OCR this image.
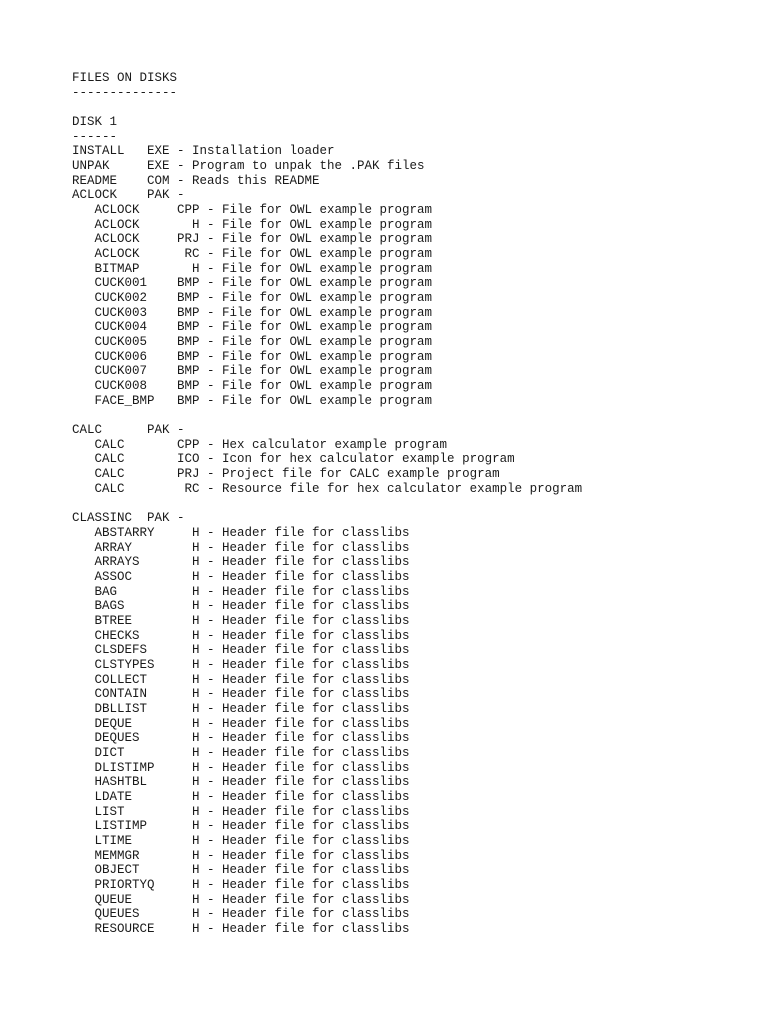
FILES ON DISKS
--------------
DISK 1
------
INSTALL   EXE - Installation loader
UNPAK     EXE - Program to unpak the .PAK files
README    COM - Reads this README
ACLOCK    PAK -
ACLOCK     CPP - File for OWL example program
ACLOCK       H - File for OWL example program
ACLOCK     PRJ - File for OWL example program
ACLOCK      RC - File for OWL example program
BITMAP       H - File for OWL example program
CUCK001    BMP - File for OWL example program
CUCK002    BMP - File for OWL example program
CUCK003    BMP - File for OWL example program
CUCK004    BMP - File for OWL example program
CUCK005    BMP - File for OWL example program
CUCK006    BMP - File for OWL example program
CUCK007    BMP - File for OWL example program
CUCK008    BMP - File for OWL example program
FACE_BMP   BMP - File for OWL example program
CALC      PAK -
CALC       CPP - Hex calculator example program
CALC       ICO - Icon for hex calculator example program
CALC       PRJ - Project file for CALC example program
CALC        RC - Resource file for hex calculator example program
CLASSINC  PAK -
ABSTARRY     H - Header file for classlibs
ARRAY        H - Header file for classlibs
ARRAYS       H - Header file for classlibs
ASSOC        H - Header file for classlibs
BAG          H - Header file for classlibs
BAGS         H - Header file for classlibs
BTREE        H - Header file for classlibs
CHECKS       H - Header file for classlibs
CLSDEFS      H - Header file for classlibs
CLSTYPES     H - Header file for classlibs
COLLECT      H - Header file for classlibs
CONTAIN      H - Header file for classlibs
DBLLIST      H - Header file for classlibs
DEQUE        H - Header file for classlibs
DEQUES       H - Header file for classlibs
DICT         H - Header file for classlibs
DLISTIMP     H - Header file for classlibs
HASHTBL      H - Header file for classlibs
LDATE        H - Header file for classlibs
LIST         H - Header file for classlibs
LISTIMP      H - Header file for classlibs
LTIME        H - Header file for classlibs
MEMMGR       H - Header file for classlibs
OBJECT       H - Header file for classlibs
PRIORTYQ     H - Header file for classlibs
QUEUE        H - Header file for classlibs
QUEUES       H - Header file for classlibs
RESOURCE     H - Header file for classlibs
